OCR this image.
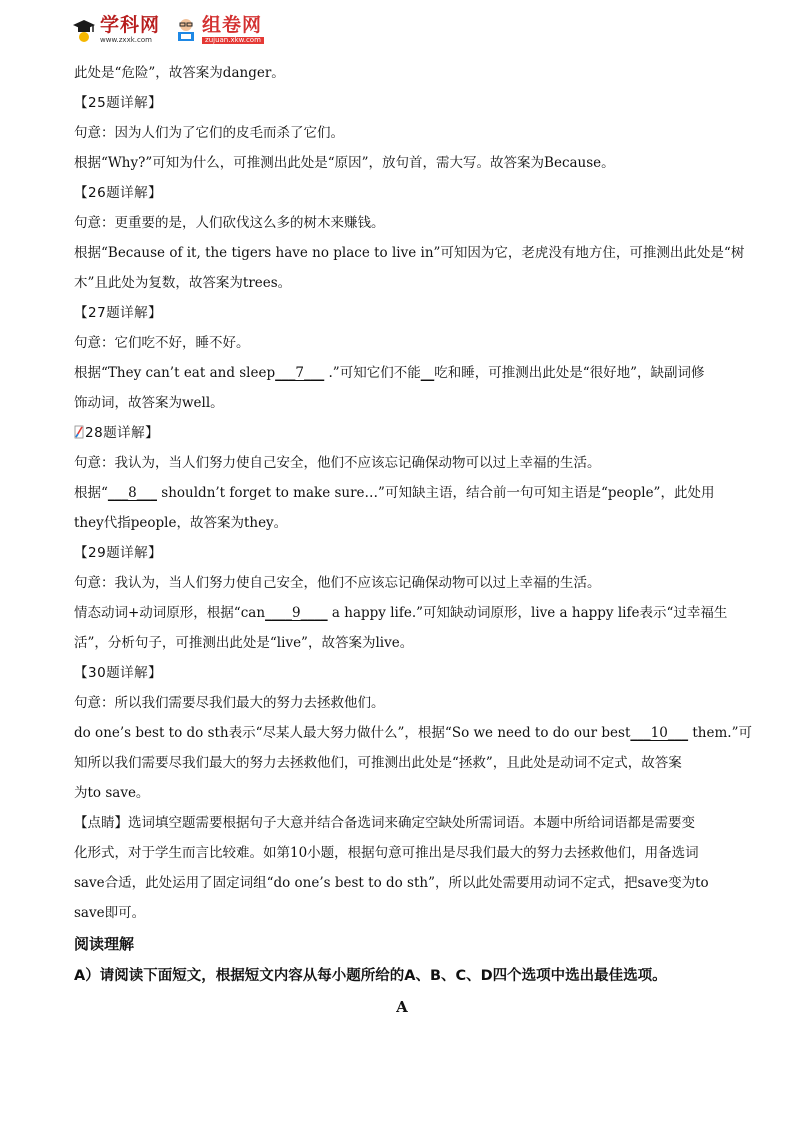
学科网
www.zxxk.com
组卷网
zujuan.xkw.com
此处是“危险”，故答案为danger。
【25题详解】
句意：因为人们为了它们的皮毛而杀了它们。
根据“Why?”可知为什么，可推测出此处是“原因”，放句首，需大写。故答案为Because。
【26题详解】
句意：更重要的是，人们砍伐这么多的树木来赚钱。
根据“Because of it, the tigers have no place to live in”可知因为它，老虎没有地方住，可推测出此处是“树
木”且此处为复数，故答案为trees。
【27题详解】
句意：它们吃不好，睡不好。
根据“They can’t eat and sleep___7___ .”可知它们不能__吃和睡，可推测出此处是“很好地”，缺副词修
饰动词，故答案为well。
28题详解】
句意：我认为，当人们努力使自己安全，他们不应该忘记确保动物可以过上幸福的生活。
根据“___8___ shouldn’t forget to make sure…”可知缺主语，结合前一句可知主语是“people”，此处用
they代指people，故答案为they。
【29题详解】
句意：我认为，当人们努力使自己安全，他们不应该忘记确保动物可以过上幸福的生活。
情态动词+动词原形，根据“can____9____ a happy life.”可知缺动词原形，live a happy life表示“过幸福生
活”，分析句子，可推测出此处是“live”，故答案为live。
【30题详解】
句意：所以我们需要尽我们最大的努力去拯救他们。
do one’s best to do sth表示“尽某人最大努力做什么”，根据“So we need to do our best___10___ them.”可
知所以我们需要尽我们最大的努力去拯救他们，可推测出此处是“拯救”，且此处是动词不定式，故答案
为to save。
【点睛】选词填空题需要根据句子大意并结合备选词来确定空缺处所需词语。本题中所给词语都是需要变
化形式，对于学生而言比较难。如第10小题，根据句意可推出是尽我们最大的努力去拯救他们，用备选词
save合适，此处运用了固定词组“do one’s best to do sth”，所以此处需要用动词不定式，把save变为to
save即可。
阅读理解
A）请阅读下面短文，根据短文内容从每小题所给的A、B、C、D四个选项中选出最佳选项。
A
